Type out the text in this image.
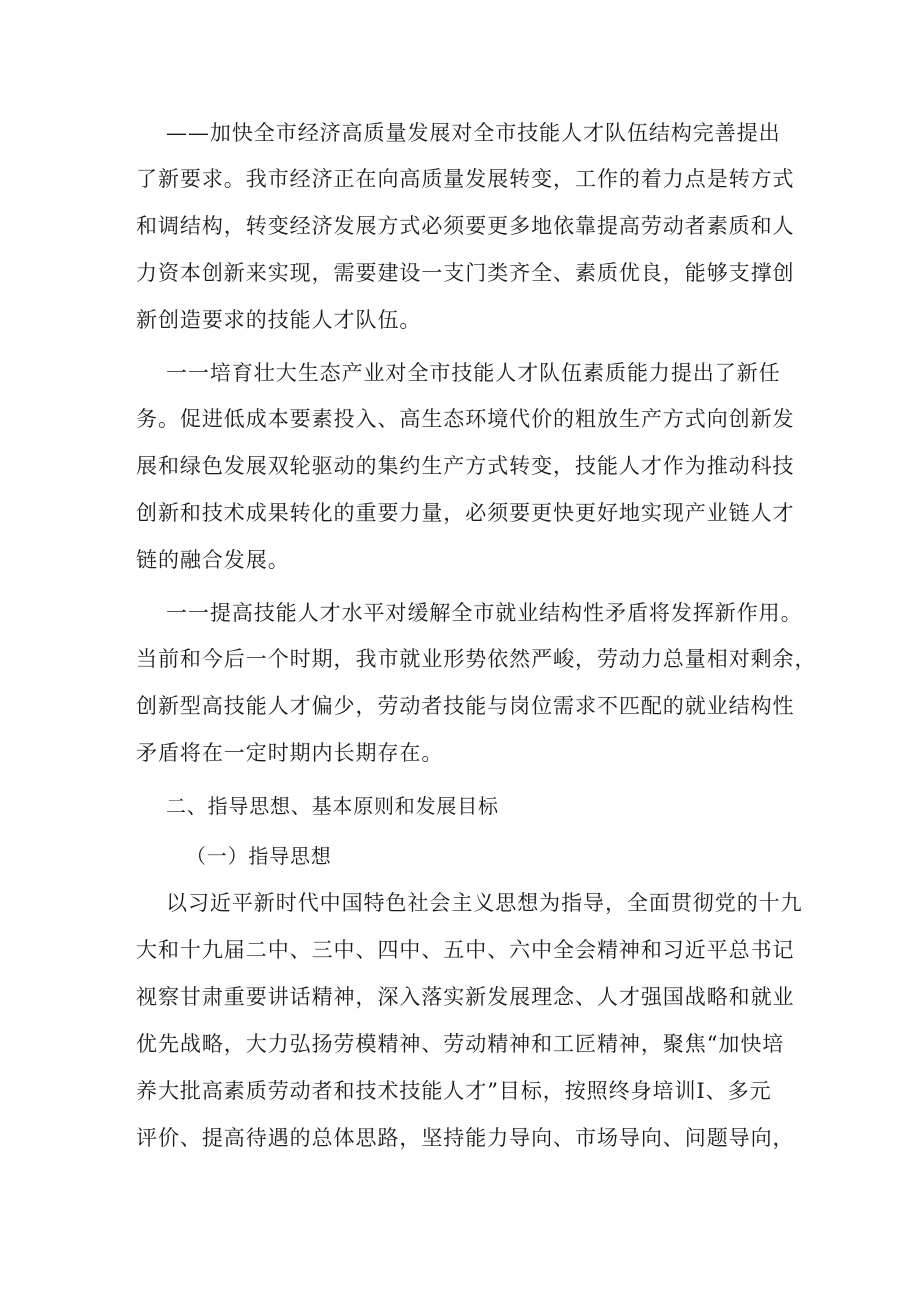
——加快全市经济高质量发展对全市技能人才队伍结构完善提出
了新要求。我市经济正在向高质量发展转变，工作的着力点是转方式
和调结构，转变经济发展方式必须要更多地依靠提高劳动者素质和人
力资本创新来实现，需要建设一支门类齐全、素质优良，能够支撑创
新创造要求的技能人才队伍。
一一培育壮大生态产业对全市技能人才队伍素质能力提出了新任
务。促进低成本要素投入、高生态环境代价的粗放生产方式向创新发
展和绿色发展双轮驱动的集约生产方式转变，技能人才作为推动科技
创新和技术成果转化的重要力量，必须要更快更好地实现产业链人才
链的融合发展。
一一提高技能人才水平对缓解全市就业结构性矛盾将发挥新作用。
当前和今后一个时期，我市就业形势依然严峻，劳动力总量相对剩余，
创新型高技能人才偏少，劳动者技能与岗位需求不匹配的就业结构性
矛盾将在一定时期内长期存在。
二、指导思想、基本原则和发展目标
（一）指导思想
以习近平新时代中国特色社会主义思想为指导，全面贯彻党的十九
大和十九届二中、三中、四中、五中、六中全会精神和习近平总书记
视察甘肃重要讲话精神，深入落实新发展理念、人才强国战略和就业
优先战略，大力弘扬劳模精神、劳动精神和工匠精神，聚焦“加快培
养大批高素质劳动者和技术技能人才”目标，按照终身培训Ⅰ、多元
评价、提高待遇的总体思路，坚持能力导向、市场导向、问题导向，
